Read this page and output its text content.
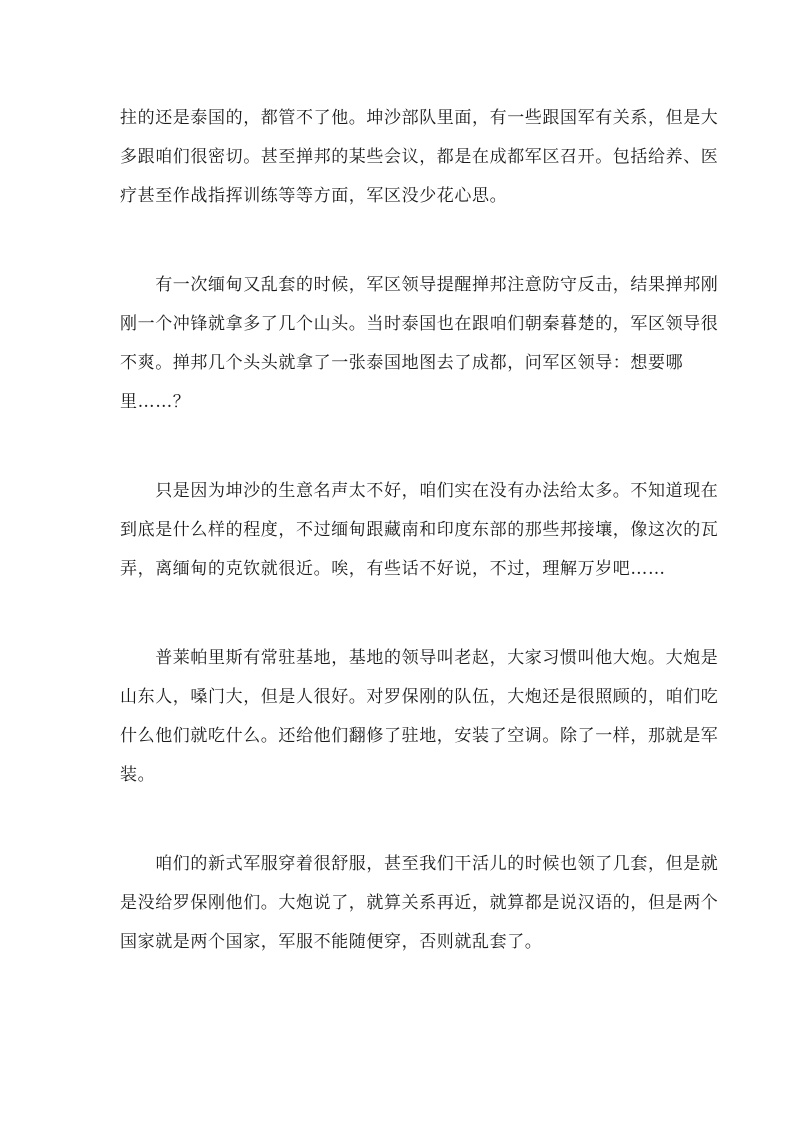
拄的还是泰国的，都管不了他。坤沙部队里面，有一些跟国军有关系，但是大
多跟咱们很密切。甚至掸邦的某些会议，都是在成都军区召开。包括给养、医
疗甚至作战指挥训练等等方面，军区没少花心思。
　　有一次缅甸又乱套的时候，军区领导提醒掸邦注意防守反击，结果掸邦刚
刚一个冲锋就拿多了几个山头。当时泰国也在跟咱们朝秦暮楚的，军区领导很
不爽。掸邦几个头头就拿了一张泰国地图去了成都，问军区领导：想要哪
里……？
　　只是因为坤沙的生意名声太不好，咱们实在没有办法给太多。不知道现在
到底是什么样的程度，不过缅甸跟藏南和印度东部的那些邦接壤，像这次的瓦
弄，离缅甸的克钦就很近。唉，有些话不好说，不过，理解万岁吧……
　　普莱帕里斯有常驻基地，基地的领导叫老赵，大家习惯叫他大炮。大炮是
山东人，嗓门大，但是人很好。对罗保刚的队伍，大炮还是很照顾的，咱们吃
什么他们就吃什么。还给他们翻修了驻地，安装了空调。除了一样，那就是军
装。
　　咱们的新式军服穿着很舒服，甚至我们干活儿的时候也领了几套，但是就
是没给罗保刚他们。大炮说了，就算关系再近，就算都是说汉语的，但是两个
国家就是两个国家，军服不能随便穿，否则就乱套了。
